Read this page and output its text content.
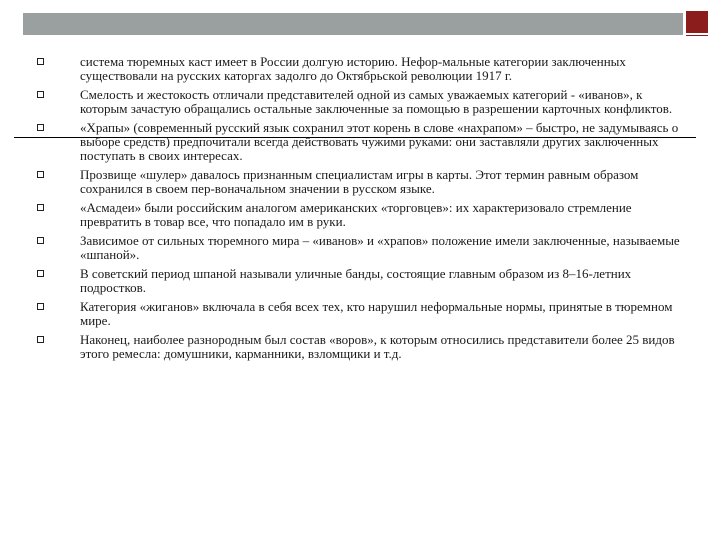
система тюремных каст имеет в России долгую историю. Нефор-мальные категории заключенных существовали на русских каторгах задолго до Октябрьской революции 1917 г.
Смелость и жестокость отличали представителей одной из самых уважаемых категорий - «иванов», к которым зачастую обращались остальные заключенные за помощью в разрешении карточных конфликтов.
«Храпы» (современный русский язык сохранил этот корень в слове «нахрапом» – быстро, не задумываясь о выборе средств) предпочитали всегда действовать чужими руками: они заставляли других заключенных поступать в своих интересах.
Прозвище «шулер» давалось признанным специалистам игры в карты. Этот термин равным образом сохранился в своем пер-воначальном значении в русском языке.
«Асмадеи» были российским аналогом американских «торговцев»: их характеризовало стремление превратить в товар все, что попадало им в руки.
Зависимое от сильных тюремного мира – «иванов» и «храпов» положение имели заключенные, называемые «шпаной».
В советский период шпаной называли уличные банды, состоящие главным образом из 8–16-летних подростков.
Категория «жиганов» включала в себя всех тех, кто нарушил неформальные нормы, принятые в тюремном мире.
Наконец, наиболее разнородным был состав «воров», к которым относились представители более 25 видов этого ремесла: домушники, карманники, взломщики и т.д.
